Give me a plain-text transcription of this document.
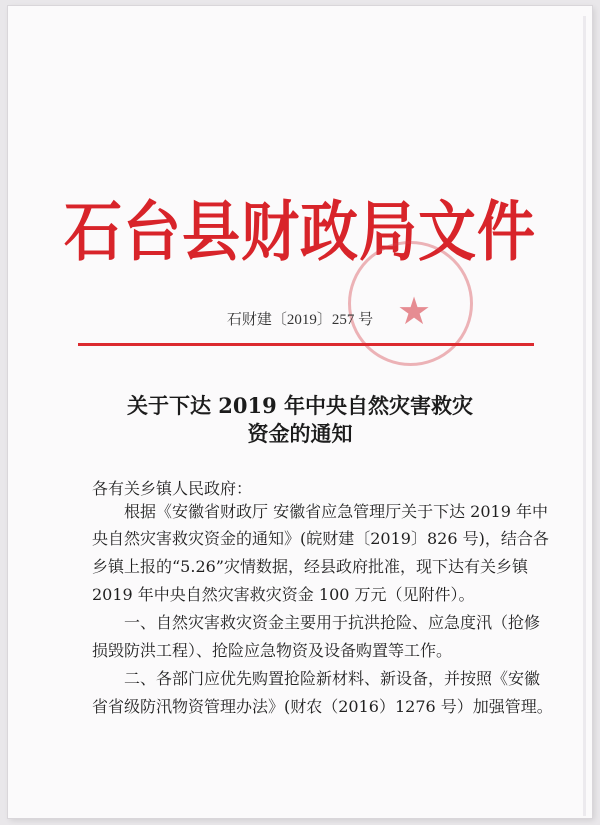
石台县财政局文件
★
石财建〔2019〕257 号
关于下达 2019 年中央自然灾害救灾
资金的通知
各有关乡镇人民政府：
根据《安徽省财政厅 安徽省应急管理厅关于下达 2019 年中
央自然灾害救灾资金的通知》(皖财建〔2019〕826 号)，结合各
乡镇上报的“5.26”灾情数据，经县政府批准，现下达有关乡镇
2019 年中央自然灾害救灾资金 100 万元（见附件）。
一、自然灾害救灾资金主要用于抗洪抢险、应急度汛（抢修
损毁防洪工程）、抢险应急物资及设备购置等工作。
二、各部门应优先购置抢险新材料、新设备，并按照《安徽
省省级防汛物资管理办法》(财农（2016）1276 号）加强管理。
